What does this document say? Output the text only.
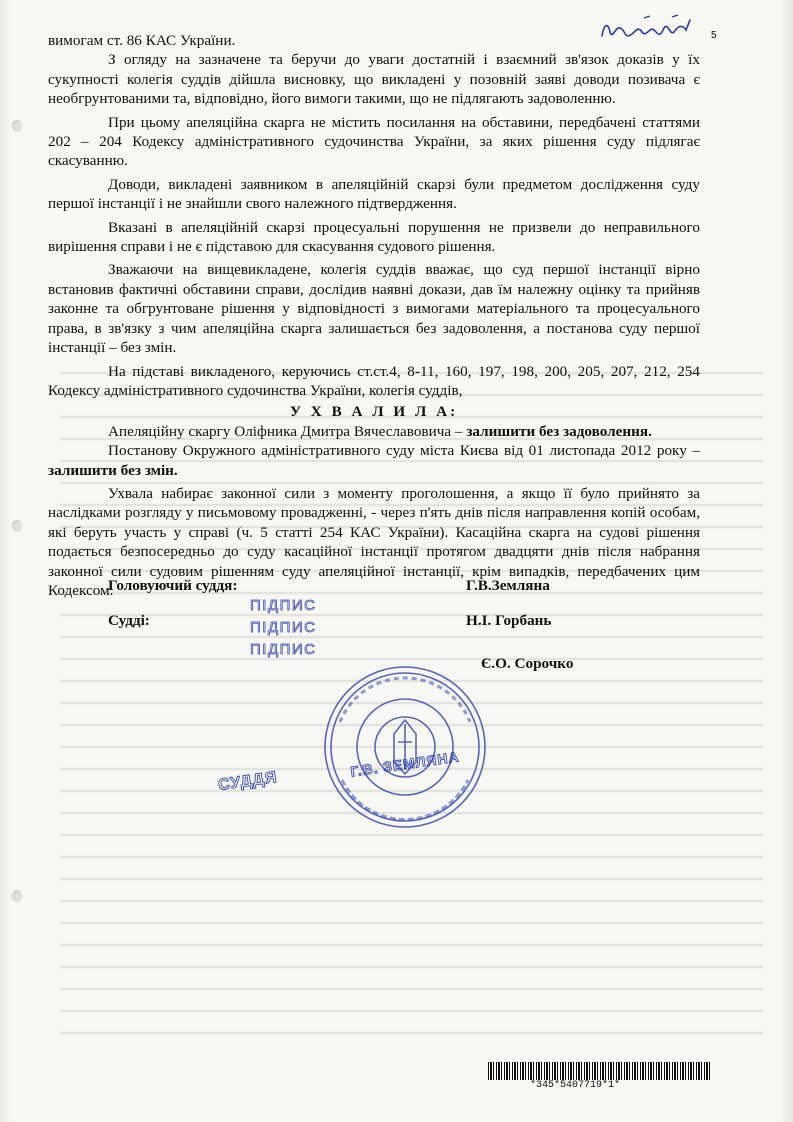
5

вимогам ст. 86 КАС України.

З огляду на зазначене та беручи до уваги достатній і взаємний зв'язок доказів у їх сукупності колегія суддів дійшла висновку, що викладені у позовній заяві доводи позивача є необгрунтованими та, відповідно, його вимоги такими, що не підлягають задоволенню.

При цьому апеляційна скарга не містить посилання на обставини, передбачені статтями 202 – 204 Кодексу адміністративного судочинства України, за яких рішення суду підлягає скасуванню.

Доводи, викладені заявником в апеляційній скарзі були предметом дослідження суду першої інстанції і не знайшли свого належного підтвердження.

Вказані в апеляційній скарзі процесуальні порушення не призвели до неправильного вирішення справи і не є підставою для скасування судового рішення.

Зважаючи на вищевикладене, колегія суддів вважає, що суд першої інстанції вірно встановив фактичні обставини справи, дослідив наявні докази, дав їм належну оцінку та прийняв законне та обгрунтоване рішення у відповідності з вимогами матеріального та процесуального права, в зв'язку з чим апеляційна скарга залишається без задоволення, а постанова суду першої інстанції – без змін.

На підставі викладеного, керуючись ст.ст.4, 8-11, 160, 197, 198, 200, 205, 207, 212, 254 Кодексу адміністративного судочинства України, колегія суддів,

У Х В А Л И Л А:

Апеляційну скаргу Оліфника Дмитра Вячеславовича – залишити без задоволення.

Постанову Окружного адміністративного суду міста Києва від 01 листопада 2012 року – залишити без змін.

Ухвала набирає законної сили з моменту проголошення, а якщо її було прийнято за наслідками розгляду у письмовому провадженні, - через п'ять днів після направлення копій особам, які беруть участь у справі (ч. 5 статті 254 КАС України). Касаційна скарга на судові рішення подається безпосередньо до суду касаційної інстанції протягом двадцяти днів після набрання законної сили судовим рішенням суду апеляційної інстанції, крім випадків, передбачених цим Кодексом.

Головуючий суддя:	Г.В.Земляна
Судді:	Н.І. Горбань
Є.О. Сорочко
ПІДПИС
ПІДПИС
ПІДПИС
СУДДЯ
Г.В. ЗЕМЛЯНА
*345*5407719*1*
